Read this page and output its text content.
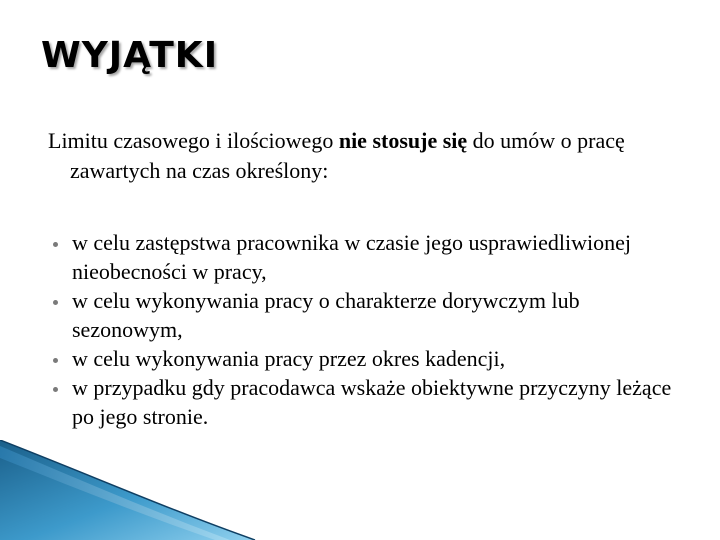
WYJĄTKI

Limitu czasowego i ilościowego nie stosuje się do umów o pracę zawartych na czas określony:

w celu zastępstwa pracownika w czasie jego usprawiedliwionej nieobecności w pracy,
w celu wykonywania pracy o charakterze dorywczym lub sezonowym,
w celu wykonywania pracy przez okres kadencji,
w przypadku gdy pracodawca wskaże obiektywne przyczyny leżące po jego stronie.
